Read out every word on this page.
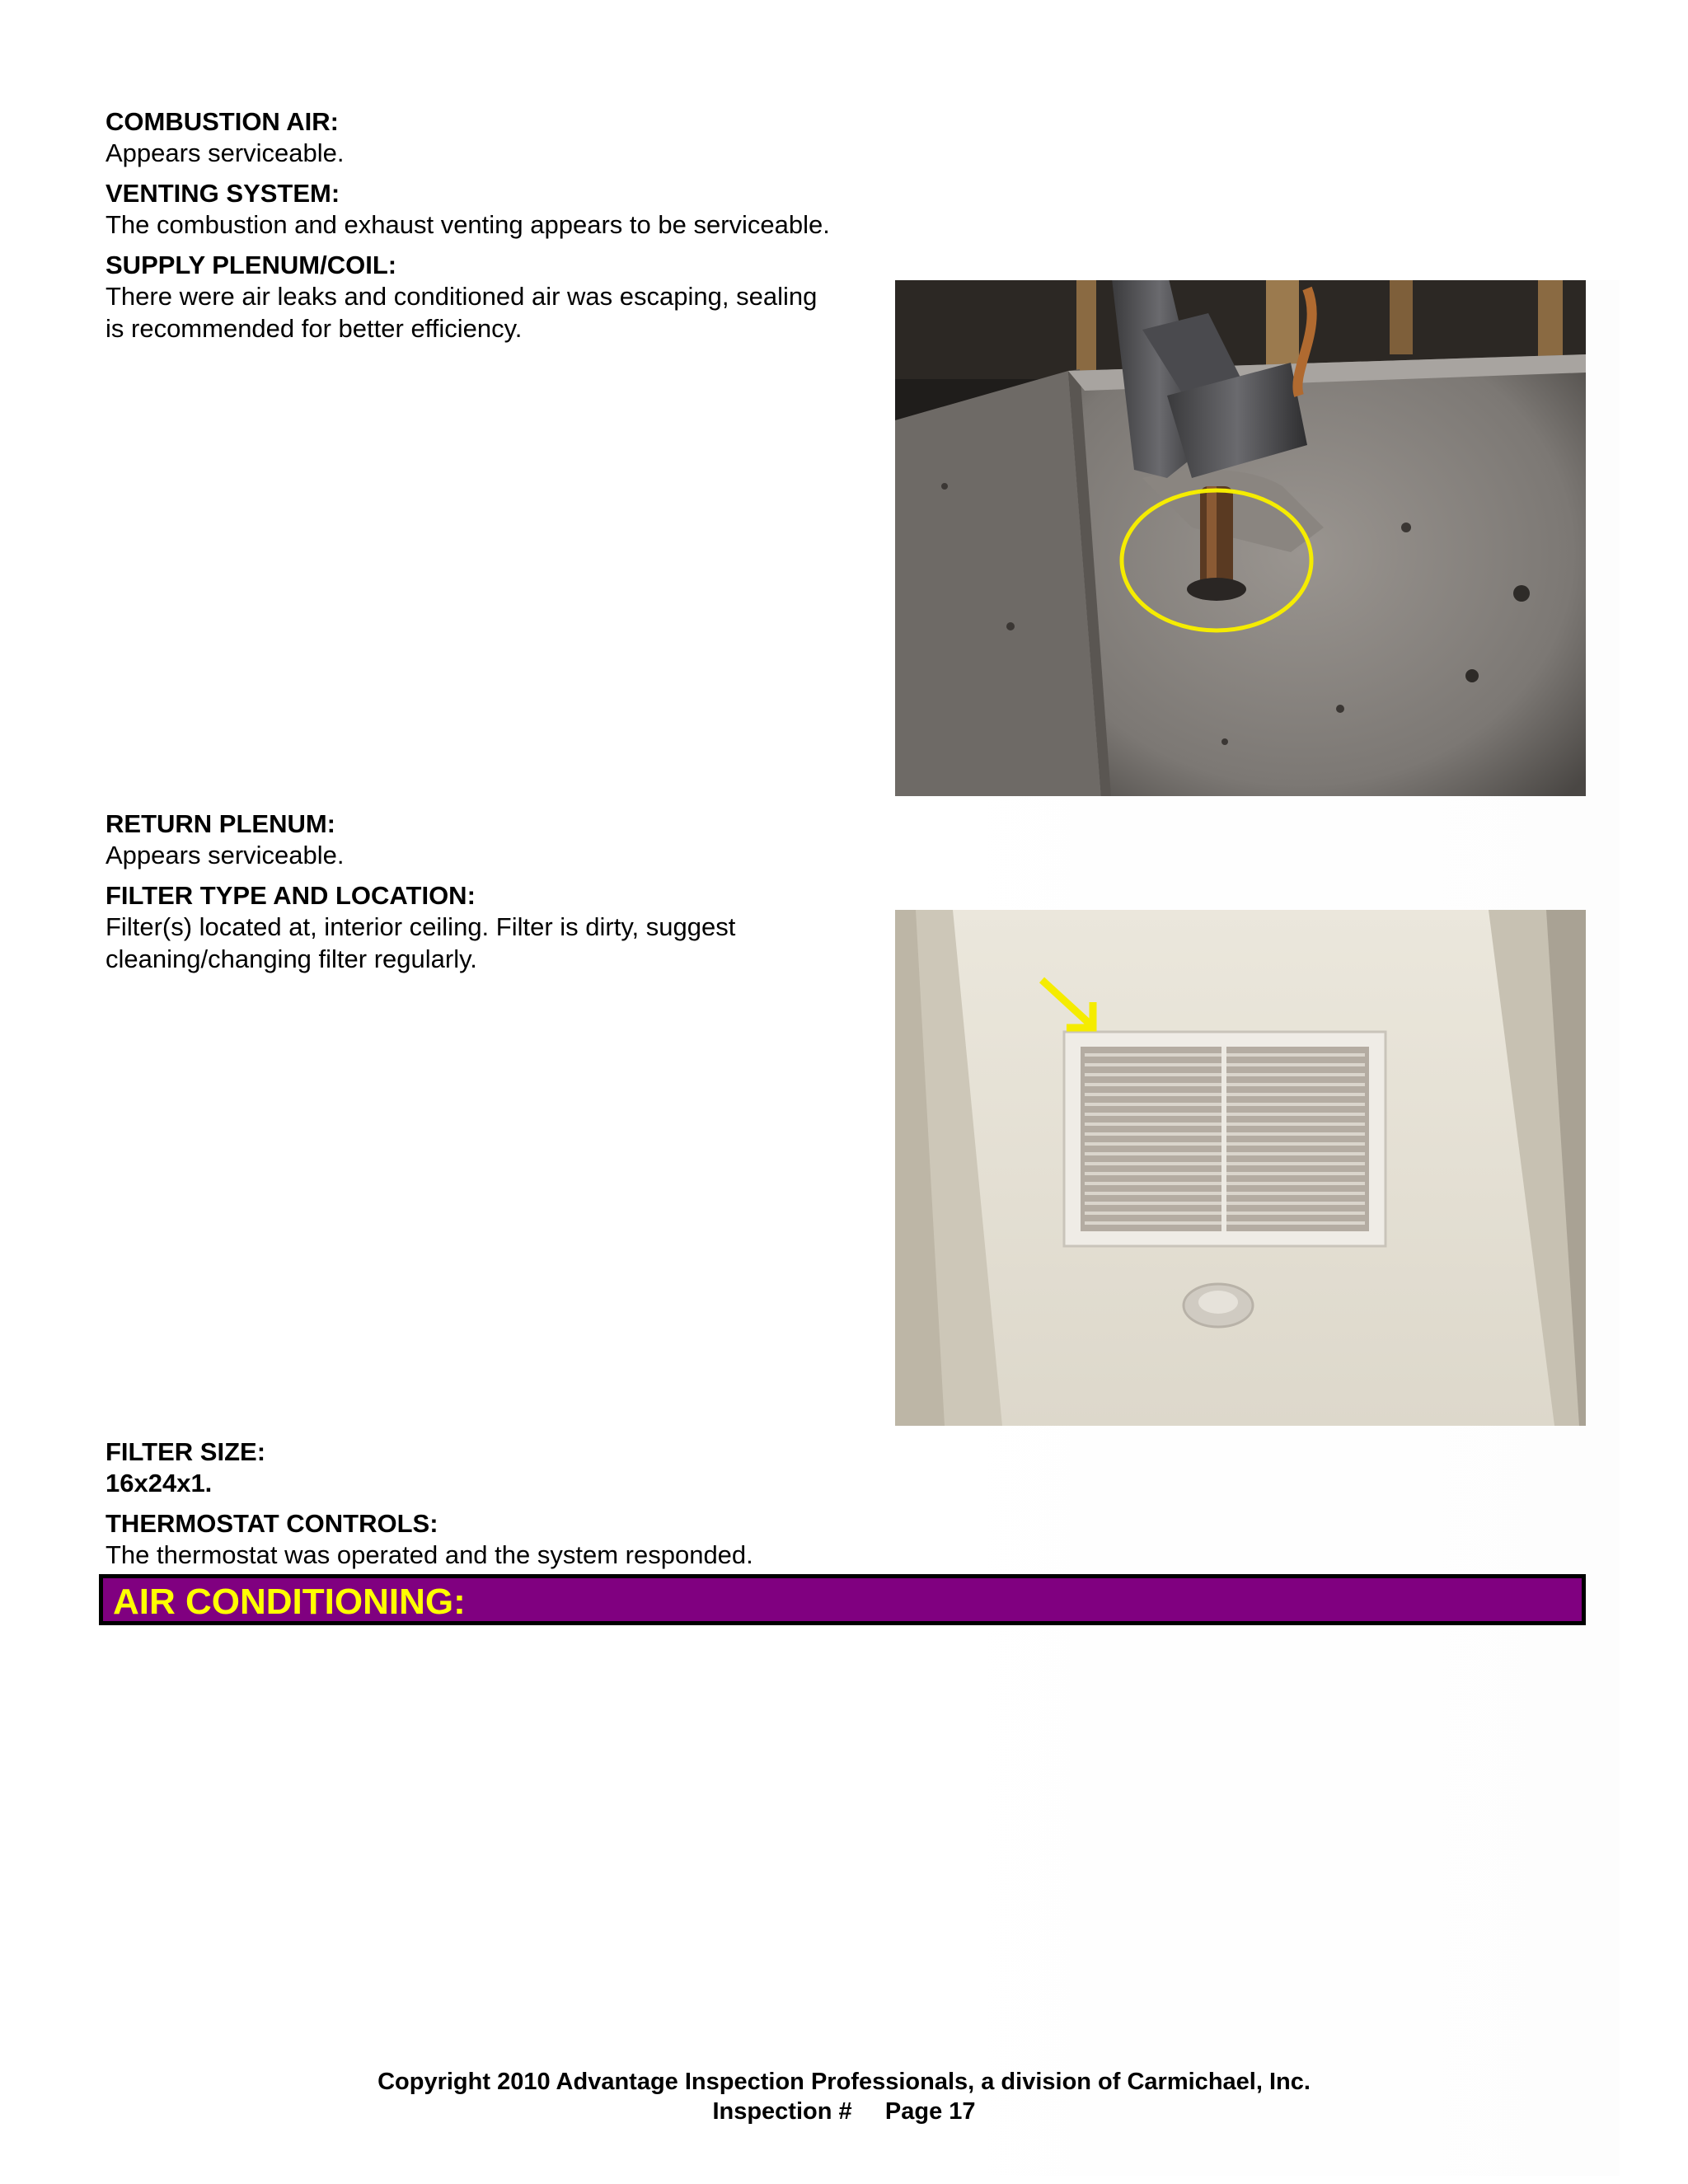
COMBUSTION AIR:
Appears serviceable.
VENTING SYSTEM:
The combustion and exhaust venting appears to be serviceable.
SUPPLY PLENUM/COIL:
There were air leaks and conditioned air was escaping, sealing
is recommended for better efficiency.
RETURN PLENUM:
Appears serviceable.
FILTER TYPE AND LOCATION:
Filter(s) located at, interior ceiling. Filter is dirty, suggest
cleaning/changing filter regularly.
FILTER SIZE:
16x24x1.
THERMOSTAT CONTROLS:
The thermostat was operated and the system responded.
AIR CONDITIONING:
Copyright 2010 Advantage Inspection Professionals, a division of Carmichael, Inc.
Inspection #     Page 17
